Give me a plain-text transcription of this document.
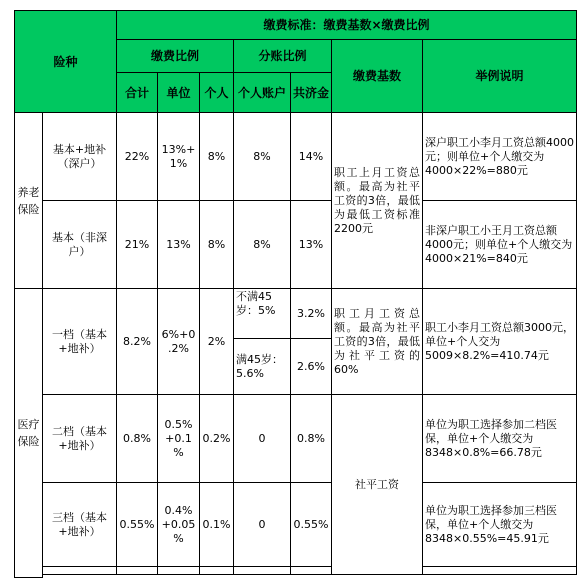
险种		缴费标准：缴费基数×缴费比例						
		缴费比例			分账比例		缴费基数	举例说明
		合计	单位	个人	个人账户	共济金		
养老保险	基本+地补（深户）	22%	13%+1%	8%	8%	14%	职工上月工资总额。最高为社平工资的3倍，最低为最低工资标准2200元	深户职工小李月工资总额4000元；则单位+个人缴交为4000×22%=880元
	基本（非深户）	21%	13%	8%	8%	13%		非深户职工小王月工资总额4000元；则单位+个人缴交为4000×21%=840元
医疗保险	一档（基本+地补）	8.2%	6%+0.2%	2%	不满45岁：5%	3.2%	职工月工资总额。最高为社平工资的3倍，最低为社平工资的60%	职工小李月工资总额3000元，单位+个人交为5009×8.2%=410.74元
					满45岁：5.6%	2.6%		
	二档（基本+地补）	0.8%	0.5%+0.1%	0.2%	0	0.8%	社平工资	单位为职工选择参加二档医保，单位+个人缴交为8348×0.8%=66.78元
	三档（基本+地补）	0.55%	0.4%+0.05%	0.1%	0	0.55%		单位为职工选择参加三档医保，单位+个人缴交为8348×0.55%=45.91元
